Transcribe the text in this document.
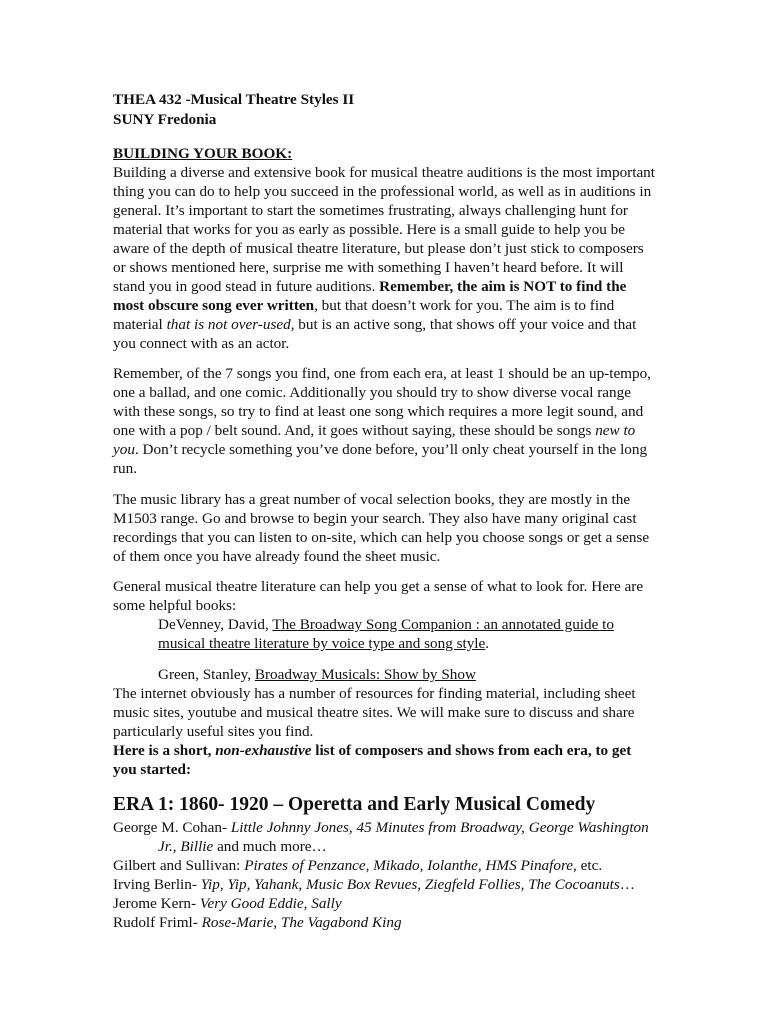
THEA 432 -Musical Theatre Styles II
SUNY Fredonia
BUILDING YOUR BOOK:

Building a diverse and extensive book for musical theatre auditions is the most important thing you can do to help you succeed in the professional world, as well as in auditions in general. It’s important to start the sometimes frustrating, always challenging hunt for material that works for you as early as possible. Here is a small guide to help you be aware of the depth of musical theatre literature, but please don’t just stick to composers or shows mentioned here, surprise me with something I haven’t heard before. It will stand you in good stead in future auditions. Remember, the aim is NOT to find the most obscure song ever written, but that doesn’t work for you. The aim is to find material that is not over-used, but is an active song, that shows off your voice and that you connect with as an actor.

Remember, of the 7 songs you find, one from each era, at least 1 should be an up-tempo, one a ballad, and one comic. Additionally you should try to show diverse vocal range with these songs, so try to find at least one song which requires a more legit sound, and one with a pop / belt sound. And, it goes without saying, these should be songs new to you. Don’t recycle something you’ve done before, you’ll only cheat yourself in the long run.

The music library has a great number of vocal selection books, they are mostly in the M1503 range. Go and browse to begin your search. They also have many original cast recordings that you can listen to on-site, which can help you choose songs or get a sense of them once you have already found the sheet music.

General musical theatre literature can help you get a sense of what to look for. Here are some helpful books:

DeVenney, David, The Broadway Song Companion : an annotated guide to musical theatre literature by voice type and song style.

Green, Stanley, Broadway Musicals: Show by Show

The internet obviously has a number of resources for finding material, including sheet music sites, youtube and musical theatre sites. We will make sure to discuss and share particularly useful sites you find.

Here is a short, non-exhaustive list of composers and shows from each era, to get you started:

ERA 1: 1860- 1920 – Operetta and Early Musical Comedy
George M. Cohan- Little Johnny Jones, 45 Minutes from Broadway, George Washington
Jr., Billie and much more…
Gilbert and Sullivan: Pirates of Penzance, Mikado, Iolanthe, HMS Pinafore, etc.
Irving Berlin- Yip, Yip, Yahank, Music Box Revues, Ziegfeld Follies, The Cocoanuts…
Jerome Kern- Very Good Eddie, Sally
Rudolf Friml- Rose-Marie, The Vagabond King
